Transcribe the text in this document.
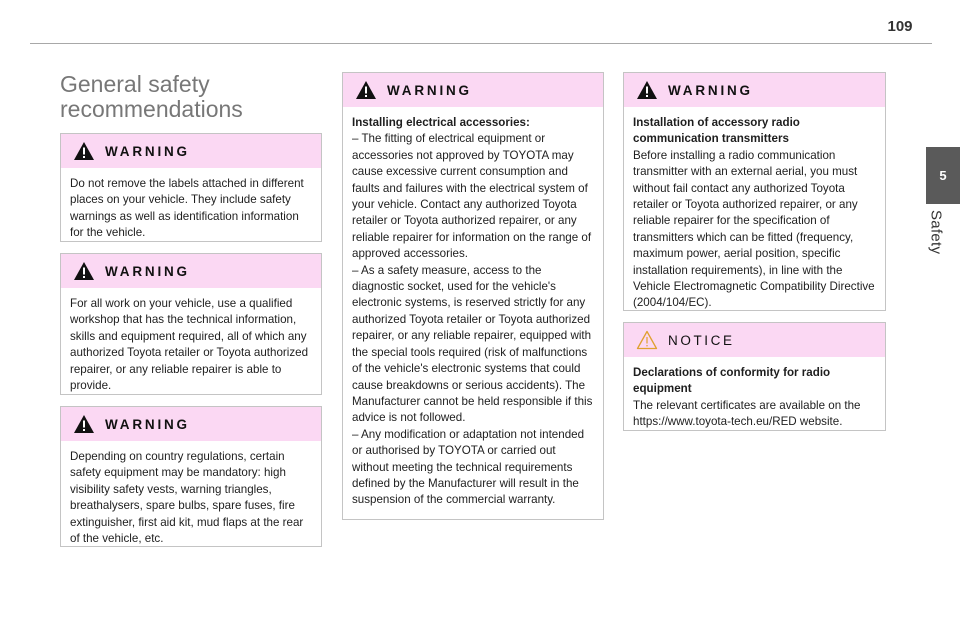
109
5
Safety
General safety recommendations
WARNING

Do not remove the labels attached in different places on your vehicle. They include safety warnings as well as identification information for the vehicle.

WARNING

For all work on your vehicle, use a qualified workshop that has the technical information, skills and equipment required, all of which any authorized Toyota retailer or Toyota authorized repairer, or any reliable repairer is able to provide.

WARNING

Depending on country regulations, certain safety equipment may be mandatory: high visibility safety vests, warning triangles, breathalysers, spare bulbs, spare fuses, fire extinguisher, first aid kit, mud flaps at the rear of the vehicle, etc.

WARNING
Installing electrical accessories:

– The fitting of electrical equipment or accessories not approved by TOYOTA may cause excessive current consumption and faults and failures with the electrical system of your vehicle. Contact any authorized Toyota retailer or Toyota authorized repairer, or any reliable repairer for information on the range of approved accessories.

– As a safety measure, access to the diagnostic socket, used for the vehicle's electronic systems, is reserved strictly for any authorized Toyota retailer or Toyota authorized repairer, or any reliable repairer, equipped with the special tools required (risk of malfunctions of the vehicle's electronic systems that could cause breakdowns or serious accidents). The Manufacturer cannot be held responsible if this advice is not followed.

– Any modification or adaptation not intended or authorised by TOYOTA or carried out without meeting the technical requirements defined by the Manufacturer will result in the suspension of the commercial warranty.

WARNING
Installation of accessory radio communication transmitters

Before installing a radio communication transmitter with an external aerial, you must without fail contact any authorized Toyota retailer or Toyota authorized repairer, or any reliable repairer for the specification of transmitters which can be fitted (frequency, maximum power, aerial position, specific installation requirements), in line with the Vehicle Electromagnetic Compatibility Directive (2004/104/EC).

NOTICE
Declarations of conformity for radio equipment

The relevant certificates are available on the https://www.toyota-tech.eu/RED website.
